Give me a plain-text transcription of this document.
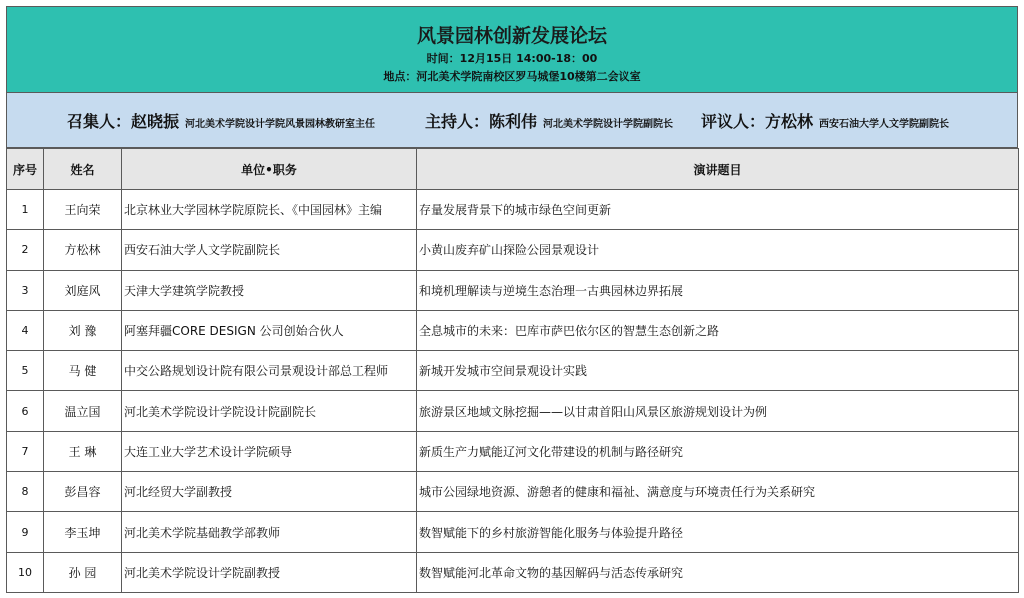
风景园林创新发展论坛
时间：12月15日 14:00-18：00
地点：河北美术学院南校区罗马城堡10楼第二会议室
召集人：赵晓振 河北美术学院设计学院风景园林教研室主任	主持人：陈利伟 河北美术学院设计学院副院长 评议人：方松林 西安石油大学人文学院副院长
序号	姓名	单位•职务	演讲题目
1	王向荣	北京林业大学园林学院原院长、《中国园林》主编	存量发展背景下的城市绿色空间更新
2	方松林	西安石油大学人文学院副院长	小黄山废弃矿山探险公园景观设计
3	刘庭风	天津大学建筑学院教授	和境机理解读与逆境生态治理一古典园林边界拓展
4	刘 豫	阿塞拜疆CORE DESIGN 公司创始合伙人	全息城市的未来：巴库市萨巴依尔区的智慧生态创新之路
5	马 健	中交公路规划设计院有限公司景观设计部总工程师	新城开发城市空间景观设计实践
6	温立国	河北美术学院设计学院设计院副院长	旅游景区地域文脉挖掘——以甘肃首阳山风景区旅游规划设计为例
7	王 琳	大连工业大学艺术设计学院硕导	新质生产力赋能辽河文化带建设的机制与路径研究
8	彭昌容	河北经贸大学副教授	城市公园绿地资源、游憩者的健康和福祉、满意度与环境责任行为关系研究
9	李玉坤	河北美术学院基础教学部教师	数智赋能下的乡村旅游智能化服务与体验提升路径
10	孙 园	河北美术学院设计学院副教授	数智赋能河北革命文物的基因解码与活态传承研究
